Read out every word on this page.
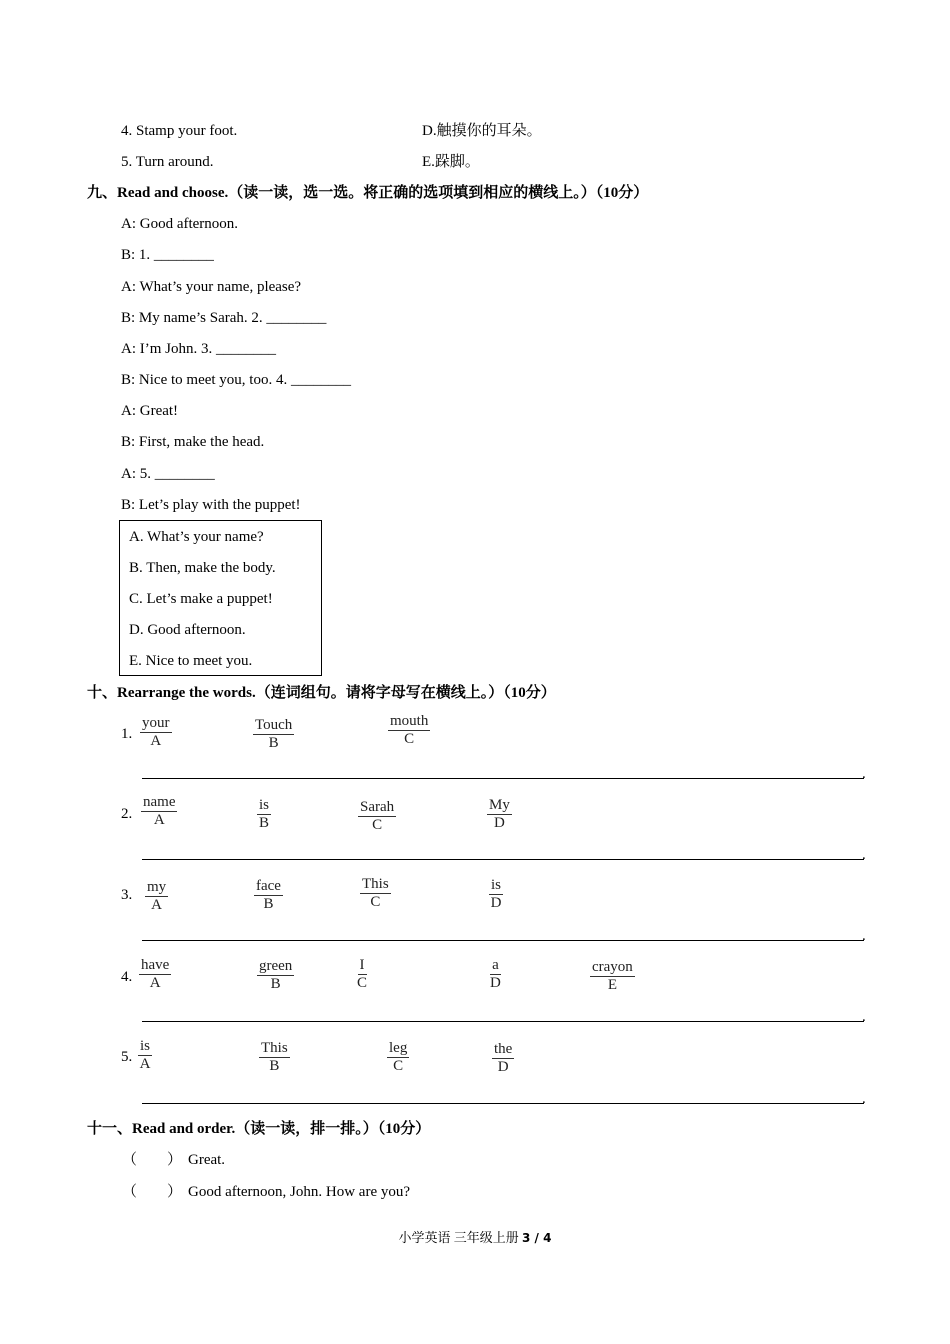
4. Stamp your foot.	D.触摸你的耳朵。
5. Turn around.	E.跺脚。
九、Read and choose.（读一读，选一选。将正确的选项填到相应的横线上。）（10分）
A: Good afternoon.
B: 1. ________
A: What’s your name, please?
B: My name’s Sarah. 2. ________
A: I’m John. 3. ________
B: Nice to meet you, too. 4. ________
A: Great!
B: First, make the head.
A: 5. ________
B: Let’s play with the puppet!
A. What’s your name?
B. Then, make the body.
C. Let’s make a puppet!
D. Good afternoon.
E. Nice to meet you.
十、Rearrange the words.（连词组句。请将字母写在横线上。）（10分）
1.
your
A
Touch
B
mouth
C
.
2.
name
A
is
B
Sarah
C
My
D
.
3. my
A
face
B
This
C
is
D
.
4.
have
A
green
B
I
C
a
D
crayon
E
.
5.
is
A
This
B
leg
C
the
D
.
十一、Read and order.（读一读，排一排。）（10分）
（　　） Great.
（　　） Good afternoon, John. How are you?
小学英语 三年级上册 3 / 4
